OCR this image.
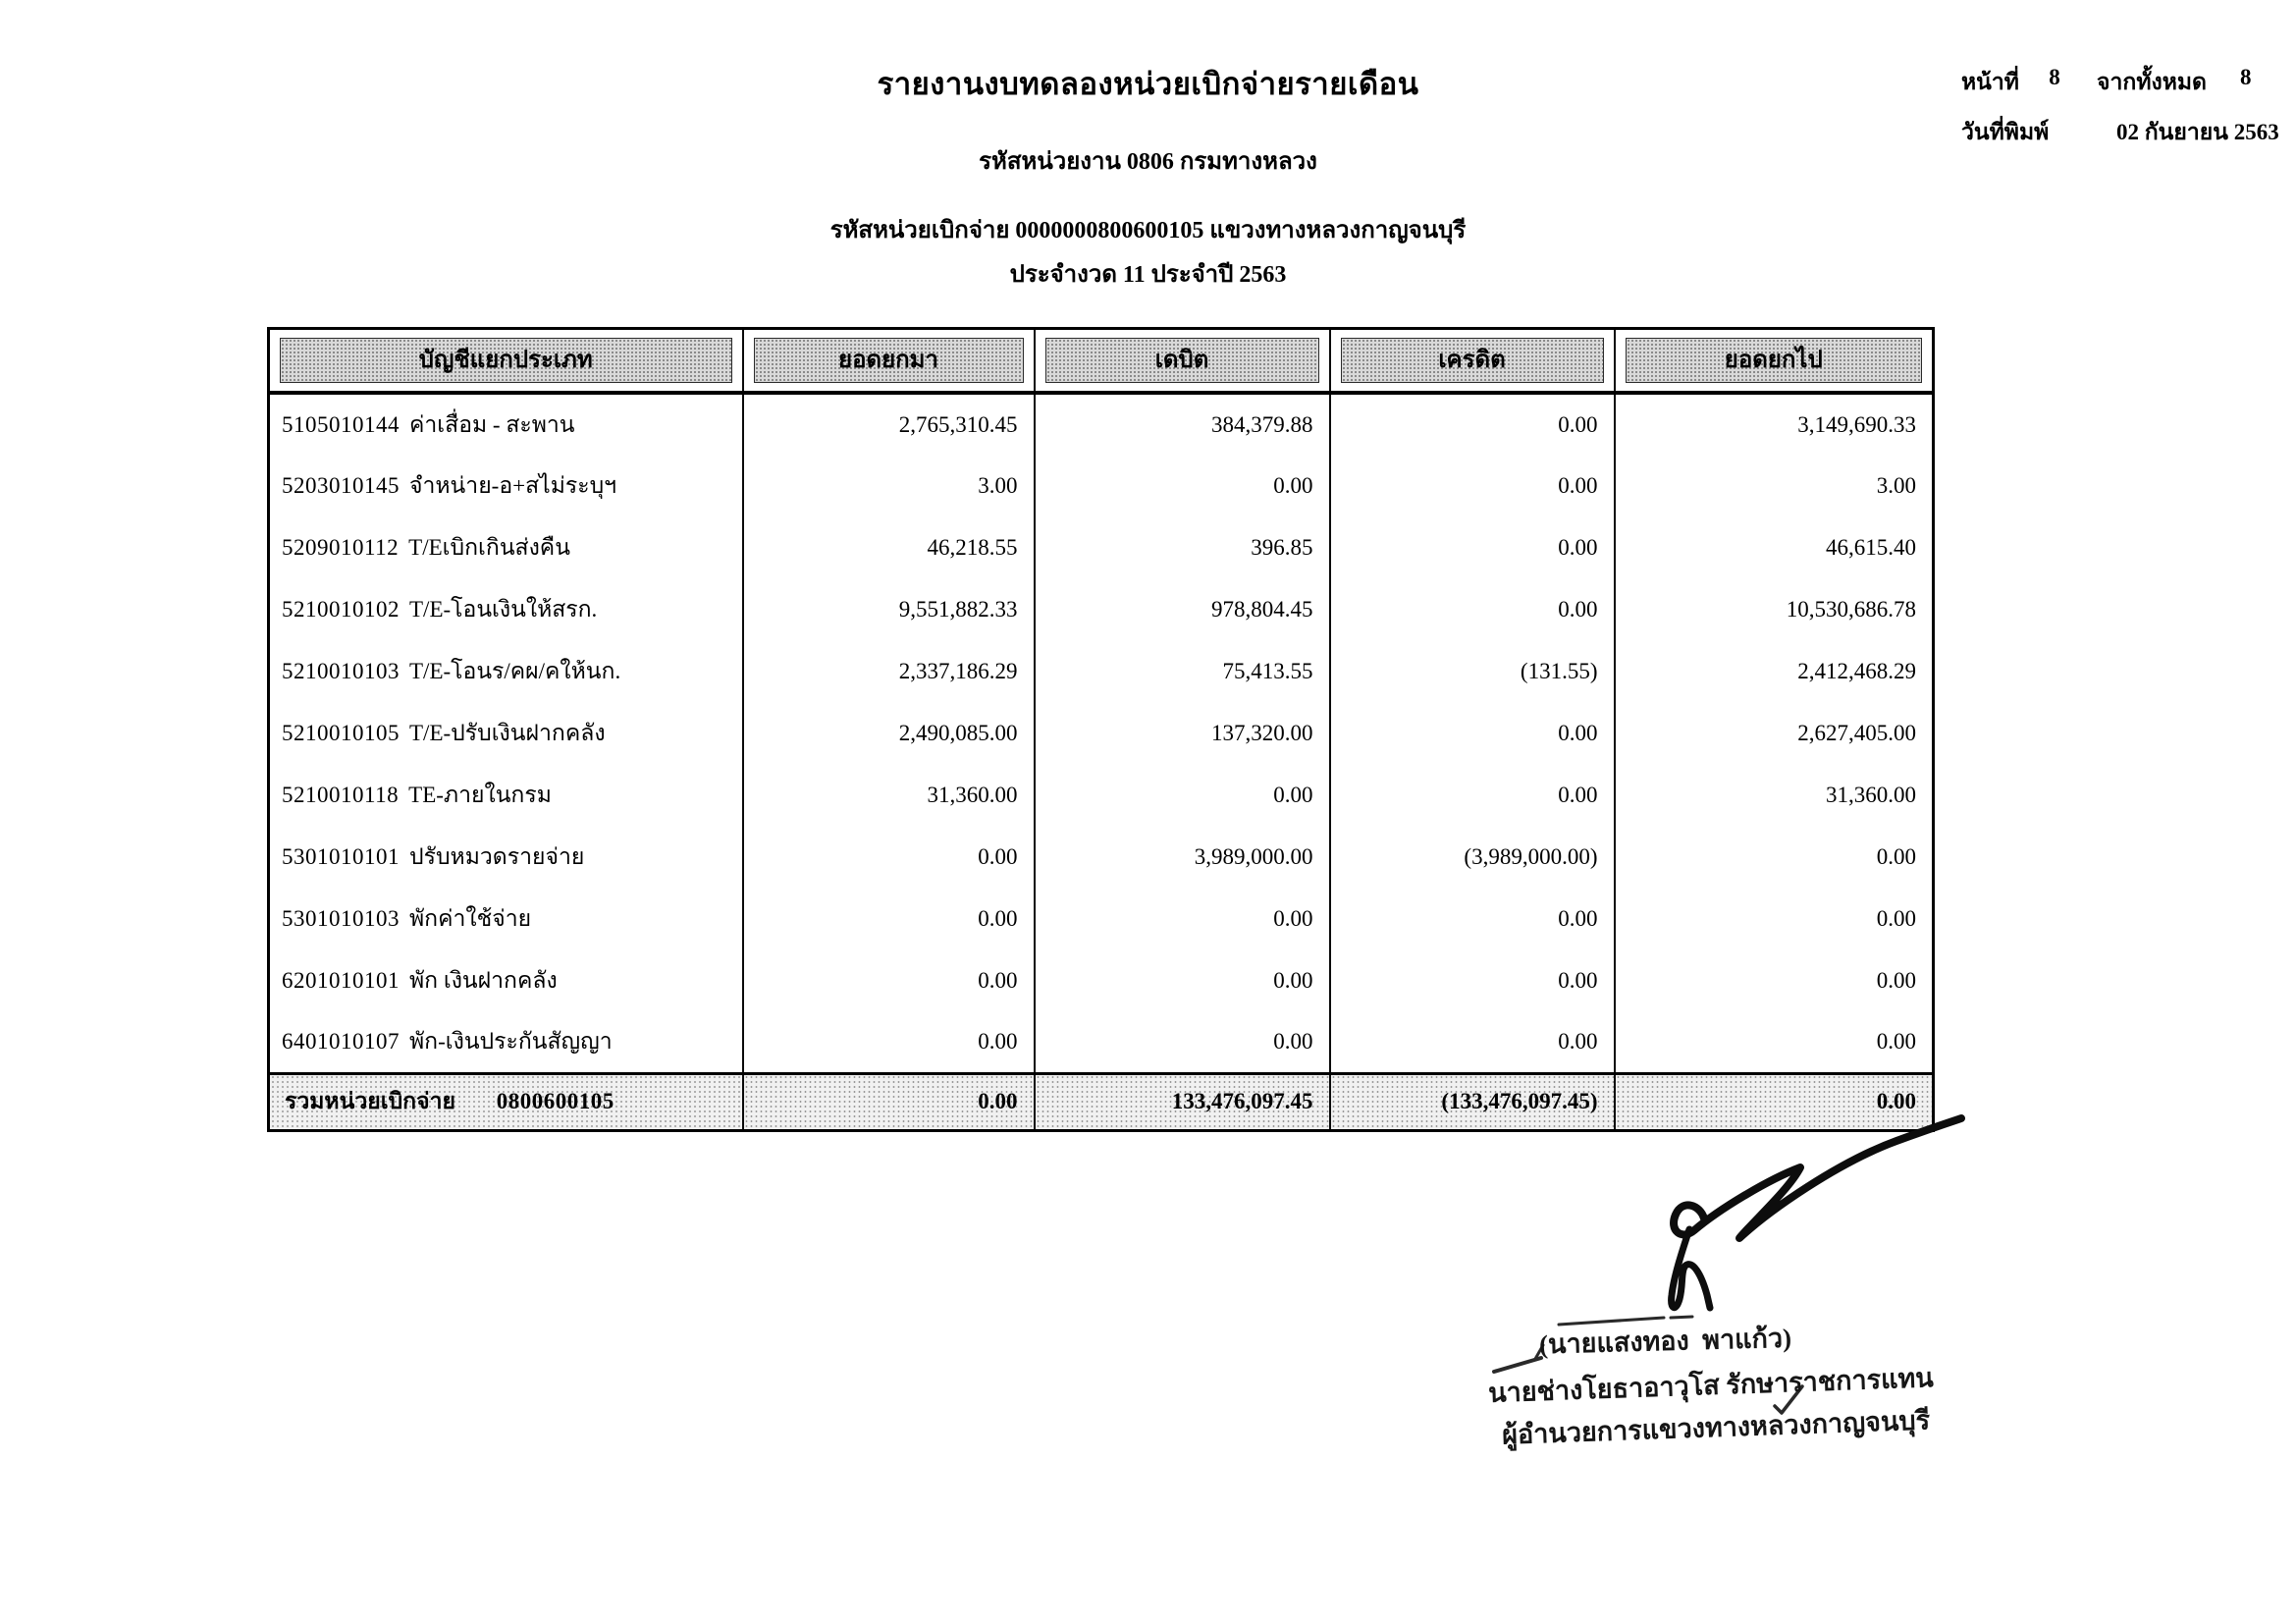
รายงานงบทดลองหน่วยเบิกจ่ายรายเดือน
รหัสหน่วยงาน 0806 กรมทางหลวง
รหัสหน่วยเบิกจ่าย 0000000800600105 แขวงทางหลวงกาญจนบุรี
ประจำงวด 11 ประจำปี 2563
หน้าที่	8	จากทั้งหมด 8
วันที่พิมพ์	02 กันยายน 2563
บัญชีแยกประเภท	ยอดยกมา	เดบิต	เครดิต	ยอดยกไป

5105010144 ค่าเสื่อม - สะพาน	2,765,310.45	384,379.88	0.00	3,149,690.33
5203010145 จำหน่าย-อ+สไม่ระบุฯ	3.00	0.00	0.00	3.00
5209010112 T/Eเบิกเกินส่งคืน	46,218.55	396.85	0.00	46,615.40
5210010102 T/E-โอนเงินให้สรก.	9,551,882.33	978,804.45	0.00	10,530,686.78
5210010103 T/E-โอนร/คผ/คให้นก.	2,337,186.29	75,413.55	(131.55)	2,412,468.29
5210010105 T/E-ปรับเงินฝากคลัง	2,490,085.00	137,320.00	0.00	2,627,405.00
5210010118 TE-ภายในกรม	31,360.00	0.00	0.00	31,360.00
5301010101 ปรับหมวดรายจ่าย	0.00	3,989,000.00	(3,989,000.00)	0.00
5301010103 พักค่าใช้จ่าย	0.00	0.00	0.00	0.00
6201010101 พัก เงินฝากคลัง	0.00	0.00	0.00	0.00
6401010107 พัก-เงินประกันสัญญา	0.00	0.00	0.00	0.00
รวมหน่วยเบิกจ่าย 0800600105	0.00	133,476,097.45	(133,476,097.45)	0.00
(นายแสงทอง  พาแก้ว)
นายช่างโยธาอาวุโส รักษาราชการแทน
ผู้อำนวยการแขวงทางหลวงกาญจนบุรี
